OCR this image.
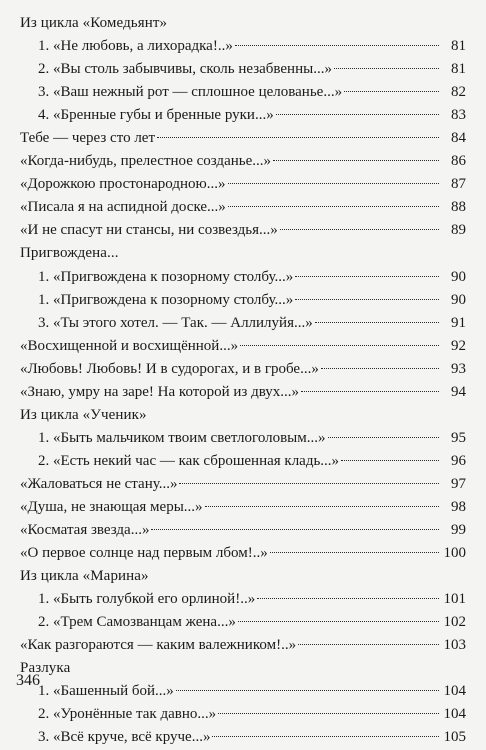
Из цикла «Комедьянт»
1. «Не любовь, а лихорадка!..»	81
2. «Вы столь забывчивы, сколь незабвенны...»	81
3. «Ваш нежный рот — сплошное целованье...»	82
4. «Бренные губы и бренные руки...»	83
Тебе — через сто лет	84
«Когда-нибудь, прелестное созданье...»	86
«Дорожкою простонародною...»	87
«Писала я на аспидной доске...»	88
«И не спасут ни стансы, ни созвездья...»	89
Пригвождена...
1. «Пригвождена к позорному столбу...»	90
1. «Пригвождена к позорному столбу...»	90
3. «Ты этого хотел. — Так. — Аллилуйя...»	91
«Восхищенной и восхищённой...»	92
«Любовь! Любовь! И в судорогах, и в гробе...»	93
«Знаю, умру на заре! На которой из двух...»	94
Из цикла «Ученик»
1. «Быть мальчиком твоим светлоголовым...»	95
2. «Есть некий час — как сброшенная кладь...»	96
«Жаловаться не стану...»	97
«Душа, не знающая меры...»	98
«Косматая звезда...»	99
«О первое солнце над первым лбом!..»	100
Из цикла «Марина»
1. «Быть голубкой его орлиной!..»	101
2. «Трем Самозванцам жена...»	102
«Как разгораются — каким валежником!..»	103
Разлука
1. «Башенный бой...»	104
2. «Уронённые так давно...»	104
3. «Всё круче, всё круче...»	105
346
